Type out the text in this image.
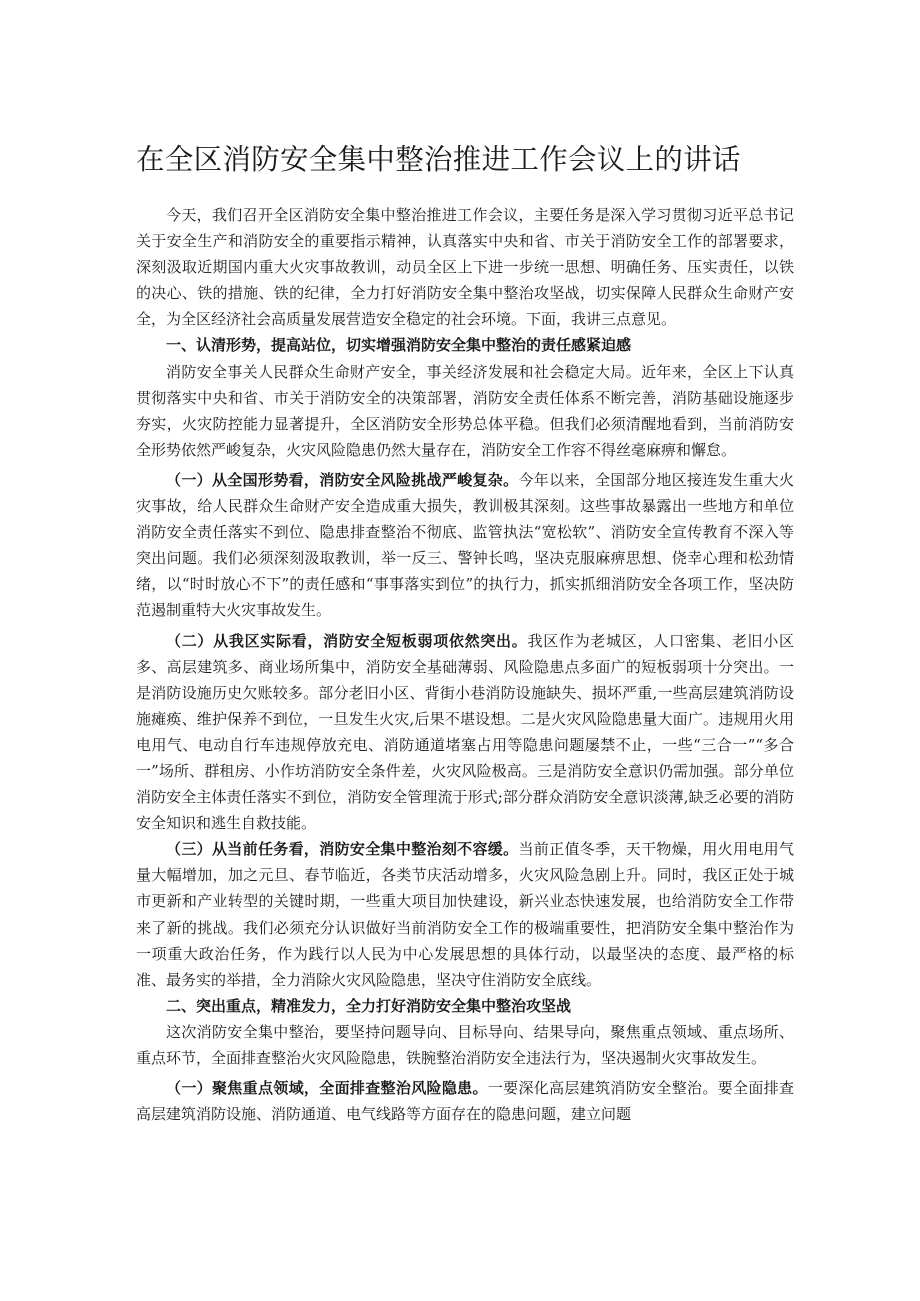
在全区消防安全集中整治推进工作会议上的讲话

今天，我们召开全区消防安全集中整治推进工作会议，主要任务是深入学习贯彻习近平总书记关于安全生产和消防安全的重要指示精神，认真落实中央和省、市关于消防安全工作的部署要求，深刻汲取近期国内重大火灾事故教训，动员全区上下进一步统一思想、明确任务、压实责任，以铁的决心、铁的措施、铁的纪律，全力打好消防安全集中整治攻坚战，切实保障人民群众生命财产安全，为全区经济社会高质量发展营造安全稳定的社会环境。下面，我讲三点意见。

一、认清形势，提高站位，切实增强消防安全集中整治的责任感紧迫感

消防安全事关人民群众生命财产安全，事关经济发展和社会稳定大局。近年来，全区上下认真贯彻落实中央和省、市关于消防安全的决策部署，消防安全责任体系不断完善，消防基础设施逐步夯实，火灾防控能力显著提升，全区消防安全形势总体平稳。但我们必须清醒地看到，当前消防安全形势依然严峻复杂，火灾风险隐患仍然大量存在，消防安全工作容不得丝毫麻痹和懈怠。

（一）从全国形势看，消防安全风险挑战严峻复杂。今年以来，全国部分地区接连发生重大火灾事故，给人民群众生命财产安全造成重大损失，教训极其深刻。这些事故暴露出一些地方和单位消防安全责任落实不到位、隐患排查整治不彻底、监管执法“宽松软”、消防安全宣传教育不深入等突出问题。我们必须深刻汲取教训，举一反三、警钟长鸣，坚决克服麻痹思想、侥幸心理和松劲情绪，以“时时放心不下”的责任感和“事事落实到位”的执行力，抓实抓细消防安全各项工作，坚决防范遏制重特大火灾事故发生。

（二）从我区实际看，消防安全短板弱项依然突出。我区作为老城区，人口密集、老旧小区多、高层建筑多、商业场所集中，消防安全基础薄弱、风险隐患点多面广的短板弱项十分突出。一是消防设施历史欠账较多。部分老旧小区、背街小巷消防设施缺失、损坏严重,一些高层建筑消防设施瘫痪、维护保养不到位，一旦发生火灾,后果不堪设想。二是火灾风险隐患量大面广。违规用火用电用气、电动自行车违规停放充电、消防通道堵塞占用等隐患问题屡禁不止，一些“三合一”“多合一”场所、群租房、小作坊消防安全条件差，火灾风险极高。三是消防安全意识仍需加强。部分单位消防安全主体责任落实不到位，消防安全管理流于形式;部分群众消防安全意识淡薄,缺乏必要的消防安全知识和逃生自救技能。

（三）从当前任务看，消防安全集中整治刻不容缓。当前正值冬季，天干物燥，用火用电用气量大幅增加，加之元旦、春节临近，各类节庆活动增多，火灾风险急剧上升。同时，我区正处于城市更新和产业转型的关键时期，一些重大项目加快建设，新兴业态快速发展，也给消防安全工作带来了新的挑战。我们必须充分认识做好当前消防安全工作的极端重要性，把消防安全集中整治作为一项重大政治任务，作为践行以人民为中心发展思想的具体行动，以最坚决的态度、最严格的标准、最务实的举措，全力消除火灾风险隐患，坚决守住消防安全底线。

二、突出重点，精准发力，全力打好消防安全集中整治攻坚战

这次消防安全集中整治，要坚持问题导向、目标导向、结果导向，聚焦重点领域、重点场所、重点环节，全面排查整治火灾风险隐患，铁腕整治消防安全违法行为，坚决遏制火灾事故发生。

（一）聚焦重点领域，全面排查整治风险隐患。一要深化高层建筑消防安全整治。要全面排查高层建筑消防设施、消防通道、电气线路等方面存在的隐患问题，建立问题
